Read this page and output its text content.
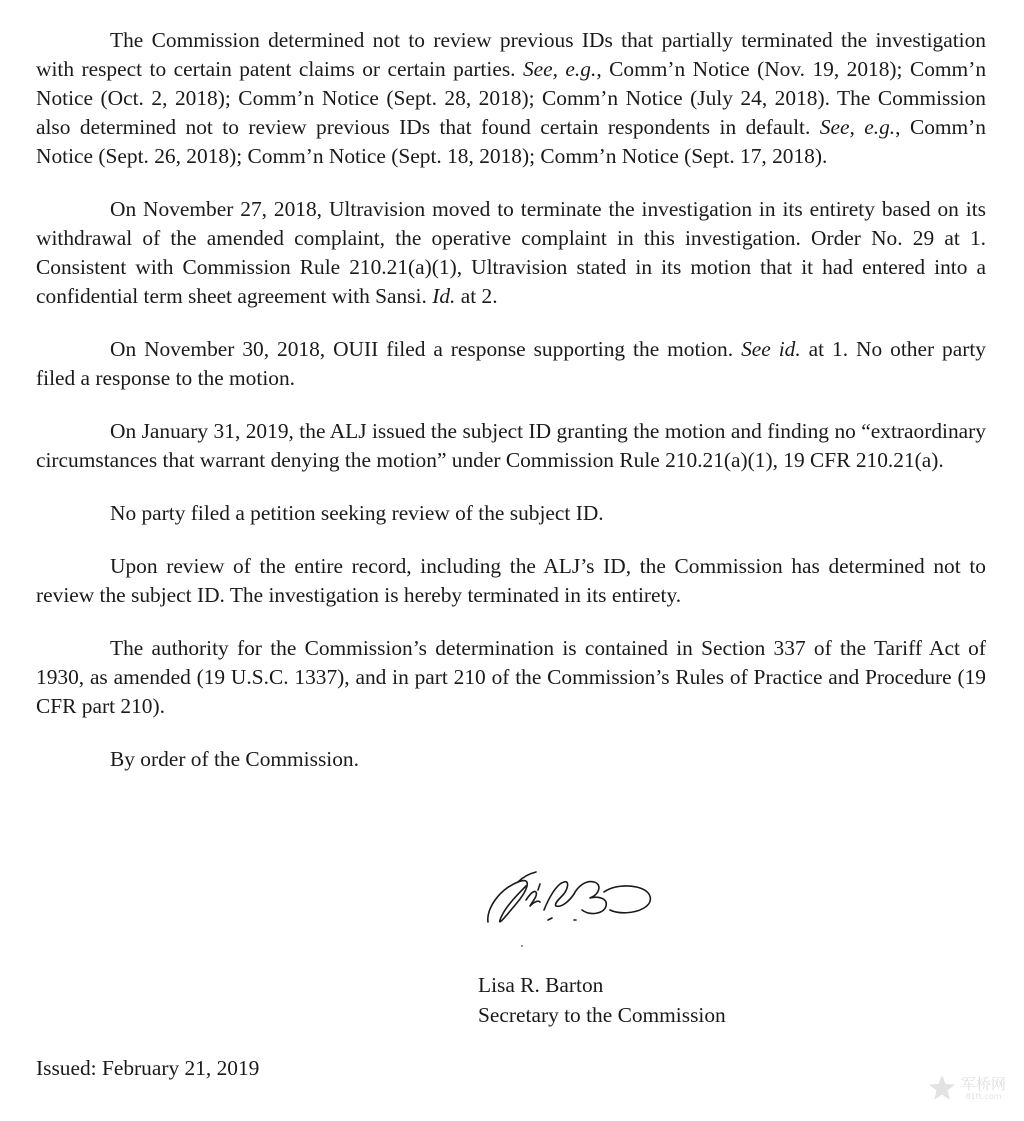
The Commission determined not to review previous IDs that partially terminated the investigation with respect to certain patent claims or certain parties. See, e.g., Comm’n Notice (Nov. 19, 2018); Comm’n Notice (Oct. 2, 2018); Comm’n Notice (Sept. 28, 2018); Comm’n Notice (July 24, 2018). The Commission also determined not to review previous IDs that found certain respondents in default. See, e.g., Comm’n Notice (Sept. 26, 2018); Comm’n Notice (Sept. 18, 2018); Comm’n Notice (Sept. 17, 2018).

On November 27, 2018, Ultravision moved to terminate the investigation in its entirety based on its withdrawal of the amended complaint, the operative complaint in this investigation. Order No. 29 at 1. Consistent with Commission Rule 210.21(a)(1), Ultravision stated in its motion that it had entered into a confidential term sheet agreement with Sansi. Id. at 2.

On November 30, 2018, OUII filed a response supporting the motion. See id. at 1. No other party filed a response to the motion.

On January 31, 2019, the ALJ issued the subject ID granting the motion and finding no “extraordinary circumstances that warrant denying the motion” under Commission Rule 210.21(a)(1), 19 CFR 210.21(a).

No party filed a petition seeking review of the subject ID.

Upon review of the entire record, including the ALJ’s ID, the Commission has determined not to review the subject ID. The investigation is hereby terminated in its entirety.

The authority for the Commission’s determination is contained in Section 337 of the Tariff Act of 1930, as amended (19 U.S.C. 1337), and in part 210 of the Commission’s Rules of Practice and Procedure (19 CFR part 210).

By order of the Commission.

Lisa R. Barton
Secretary to the Commission
Issued: February 21, 2019
军桥网
81tt.com
